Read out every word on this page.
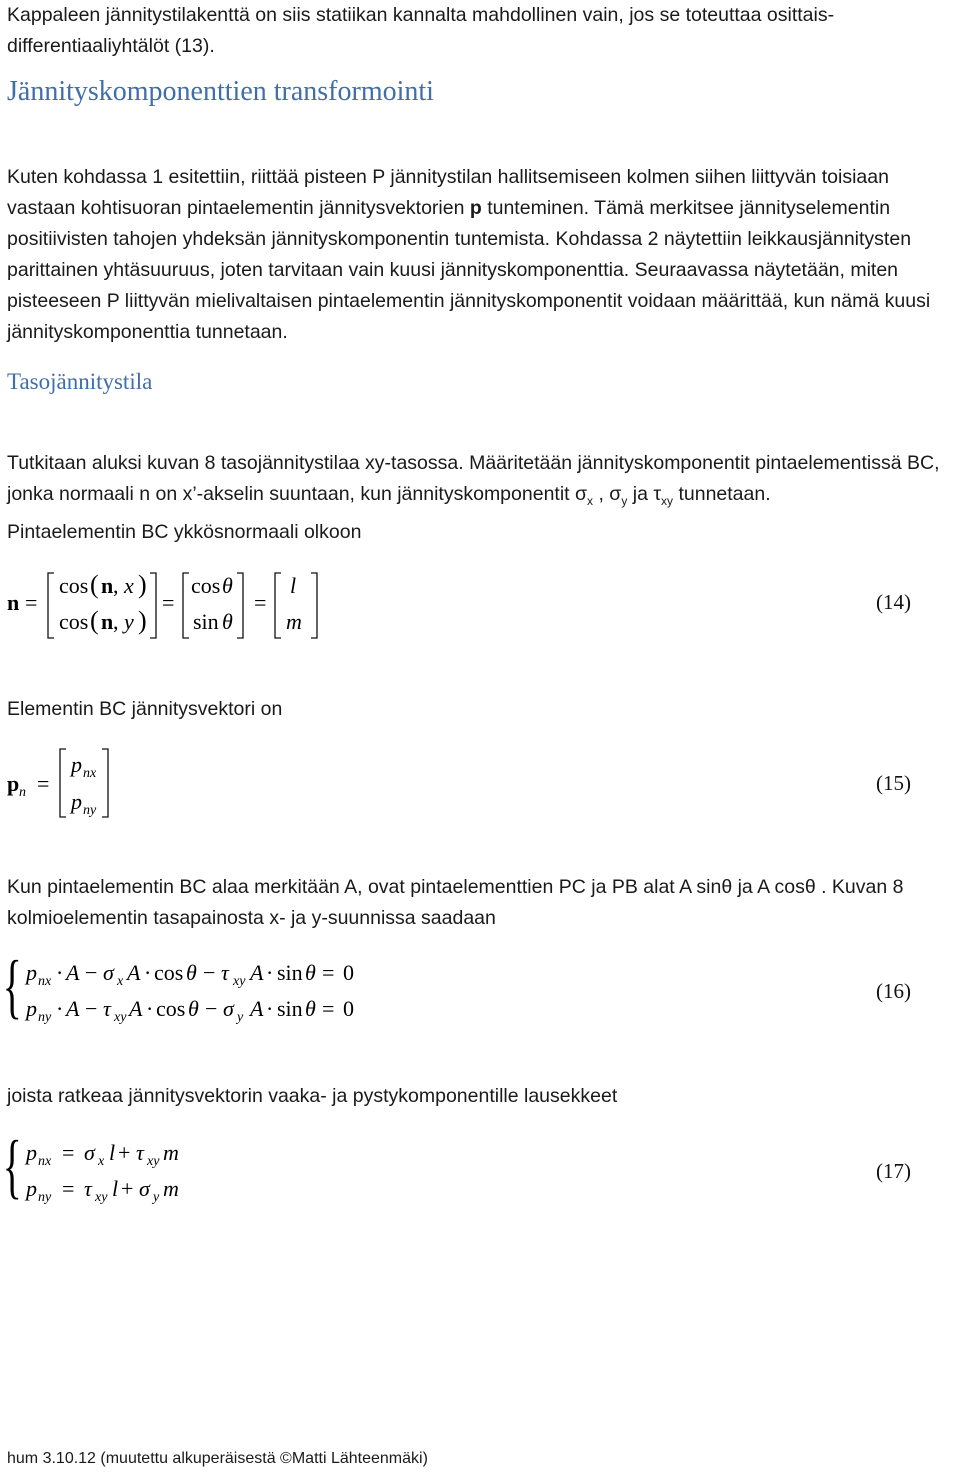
Kappaleen jännitystilakenttä on siis statiikan kannalta mahdollinen vain, jos se toteuttaa osittais-
differentiaaliyhtälöt (13).
Jännityskomponenttien transformointi
Kuten kohdassa 1 esitettiin, riittää pisteen P jännitystilan hallitsemiseen kolmen siihen liittyvän toisiaan vastaan kohtisuoran pintaelementin jännitysvektorien p tunteminen. Tämä merkitsee jännityselementin positiivisten tahojen yhdeksän jännityskomponentin tuntemista. Kohdassa 2 näytettiin leikkausjännitysten parittainen yhtäsuuruus, joten tarvitaan vain kuusi jännityskomponenttia. Seuraavassa näytetään, miten pisteeseen P liittyvän mielivaltaisen pintaelementin jännityskomponentit voidaan määrittää, kun nämä kuusi jännityskomponenttia tunnetaan.
Tasojännitystila
Tutkitaan aluksi kuvan 8 tasojännitystilaa xy-tasossa. Määritetään jännityskomponentit pintaelementissä BC, jonka normaali n on x’-akselin suuntaan, kun jännityskomponentit $\sigma_x$ , $\sigma_y$ ja $\tau_{xy}$ tunnetaan.
Pintaelementin BC ykkösnormaali olkoon
n =
cos ( n , x )
cos ( n , y )
=
cos θ
sin θ
=
l
m
(14)
Elementin BC jännitysvektori on
p n =
p nx
p ny
(15)
Kun pintaelementin BC alaa merkitään A, ovat pintaelementtien PC ja PB alat A sinθ ja A cosθ . Kuvan 8 kolmioelementin tasapainosta x- ja y-suunnissa saadaan
{ p nx · A − σ x A · cos θ − τ xy A · sin θ = 0
p ny · A − τ xy A · cos θ − σ y A · sin θ = 0
(16)
joista ratkeaa jännitysvektorin vaaka- ja pystykomponentille lausekkeet
{ p nx = σ x l + τ xy m
p ny = τ xy l + σ y m
(17)
hum 3.10.12 (muutettu alkuperäisestä ©Matti Lähteenmäki)
